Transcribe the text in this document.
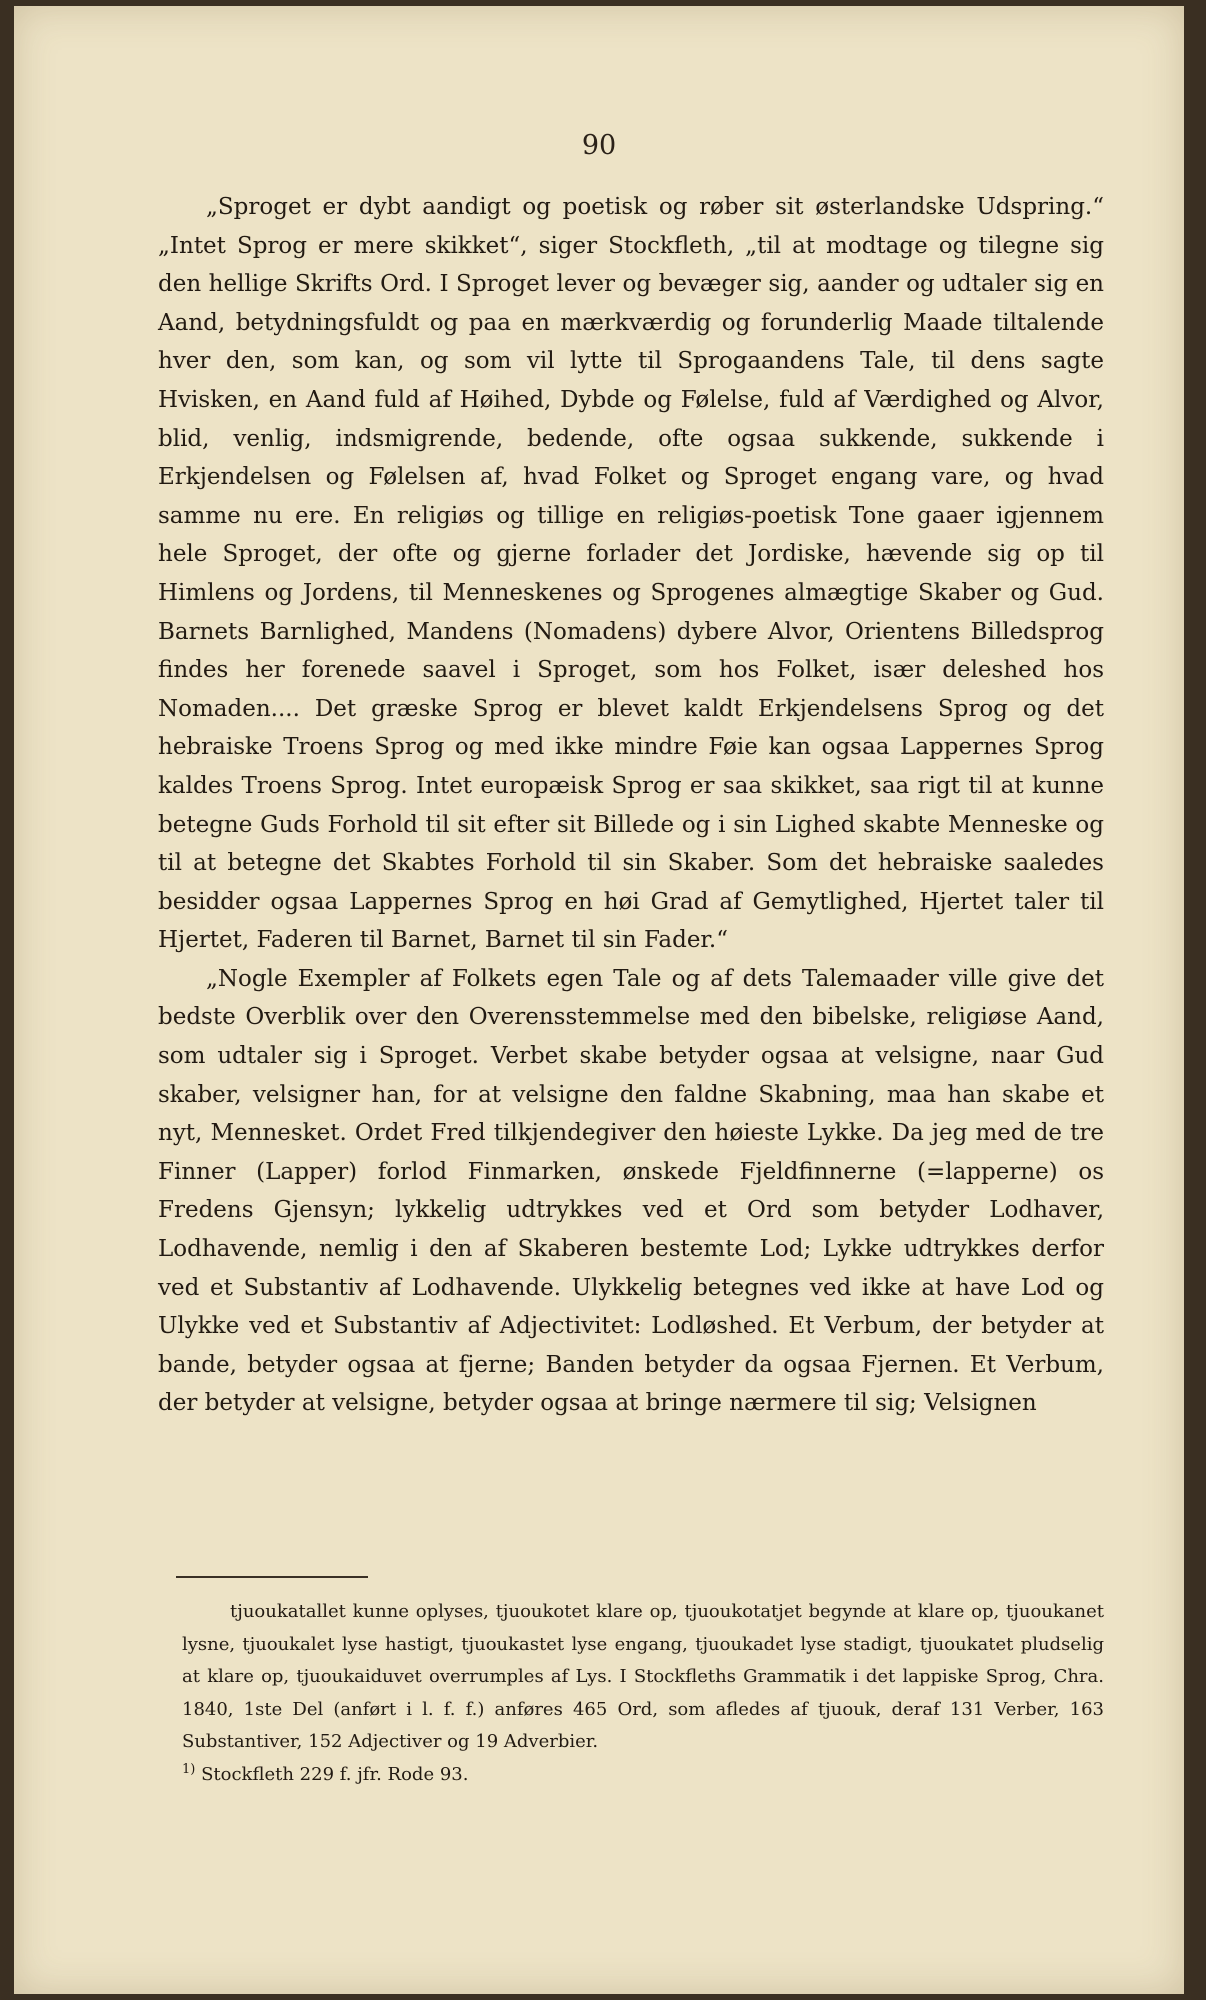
90

„Sproget er dybt aandigt og poetisk og røber sit østerlandske Udspring.“ „Intet Sprog er mere skikket“, siger Stockfleth, „til at modtage og tilegne sig den hellige Skrifts Ord. I Sproget lever og bevæger sig, aander og udtaler sig en Aand, betydningsfuldt og paa en mærkværdig og forunderlig Maade tiltalende hver den, som kan, og som vil lytte til Sprogaandens Tale, til dens sagte Hvisken, en Aand fuld af Høihed, Dybde og Følelse, fuld af Værdighed og Alvor, blid, venlig, indsmigrende, bedende, ofte ogsaa sukkende, sukkende i Erkjendelsen og Følelsen af, hvad Folket og Sproget engang vare, og hvad samme nu ere. En religiøs og tillige en religiøs-poetisk Tone gaaer igjennem hele Sproget, der ofte og gjerne forlader det Jordiske, hævende sig op til Himlens og Jordens, til Menneskenes og Sprogenes almægtige Skaber og Gud. Barnets Barnlighed, Mandens (Nomadens) dybere Alvor, Orientens Billedsprog findes her forenede saavel i Sproget, som hos Folket, især deleshed hos Nomaden.... Det græske Sprog er blevet kaldt Erkjendelsens Sprog og det hebraiske Troens Sprog og med ikke mindre Føie kan ogsaa Lappernes Sprog kaldes Troens Sprog. Intet europæisk Sprog er saa skikket, saa rigt til at kunne betegne Guds Forhold til sit efter sit Billede og i sin Lighed skabte Menneske og til at betegne det Skabtes Forhold til sin Skaber. Som det hebraiske saaledes besidder ogsaa Lappernes Sprog en høi Grad af Gemytlighed, Hjertet taler til Hjertet, Faderen til Barnet, Barnet til sin Fader.“

„Nogle Exempler af Folkets egen Tale og af dets Talemaader ville give det bedste Overblik over den Overensstemmelse med den bibelske, religiøse Aand, som udtaler sig i Sproget. Verbet skabe betyder ogsaa at velsigne, naar Gud skaber, velsigner han, for at velsigne den faldne Skabning, maa han skabe et nyt, Mennesket. Ordet Fred tilkjendegiver den høieste Lykke. Da jeg med de tre Finner (Lapper) forlod Finmarken, ønskede Fjeldfinnerne (=lapperne) os Fredens Gjensyn; lykkelig udtrykkes ved et Ord som betyder Lodhaver, Lodhavende, nemlig i den af Skaberen bestemte Lod; Lykke udtrykkes derfor ved et Substantiv af Lodhavende. Ulykkelig betegnes ved ikke at have Lod og Ulykke ved et Substantiv af Adjectivitet: Lodløshed. Et Verbum, der betyder at bande, betyder ogsaa at fjerne; Banden betyder da ogsaa Fjernen. Et Verbum, der betyder at velsigne, betyder ogsaa at bringe nærmere til sig; Velsignen

tjuoukatallet kunne oplyses, tjuoukotet klare op, tjuoukotatjet begynde at klare op, tjuoukanet lysne, tjuoukalet lyse hastigt, tjuoukastet lyse engang, tjuoukadet lyse stadigt, tjuoukatet pludselig at klare op, tjuoukaiduvet overrumples af Lys. I Stockfleths Grammatik i det lappiske Sprog, Chra. 1840, 1ste Del (anført i l. f. f.) anføres 465 Ord, som afledes af tjuouk, deraf 131 Verber, 163 Substantiver, 152 Adjectiver og 19 Adverbier.

$^{1)}$ Stockfleth 229 f. jfr. Rode 93.
